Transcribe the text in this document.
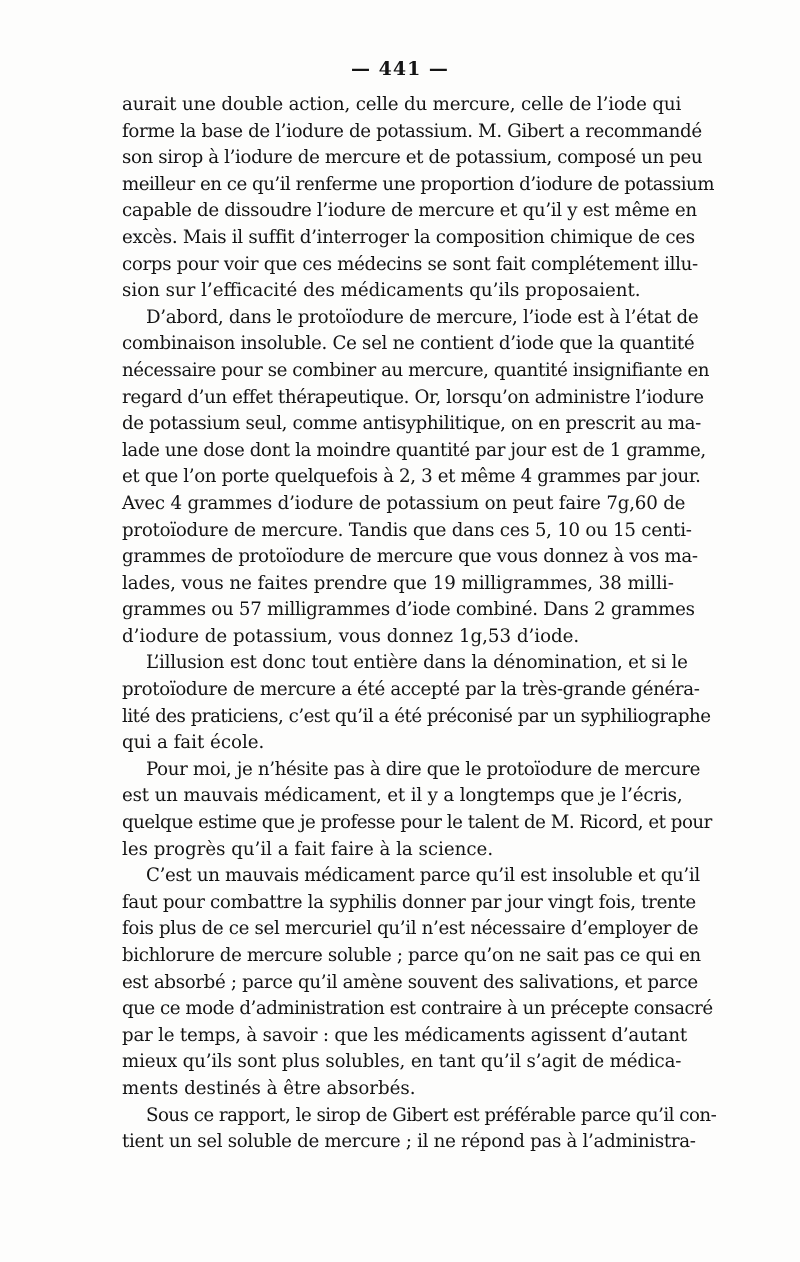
— 441 —
aurait une double action, celle du mercure, celle de l’iode qui
forme la base de l’iodure de potassium. M. Gibert a recommandé
son sirop à l’iodure de mercure et de potassium, composé un peu
meilleur en ce qu’il renferme une proportion d’iodure de potassium
capable de dissoudre l’iodure de mercure et qu’il y est même en
excès. Mais il suffit d’interroger la composition chimique de ces
corps pour voir que ces médecins se sont fait complétement illu-
sion sur l’efficacité des médicaments qu’ils proposaient.
D’abord, dans le protoïodure de mercure, l’iode est à l’état de
combinaison insoluble. Ce sel ne contient d’iode que la quantité
nécessaire pour se combiner au mercure, quantité insignifiante en
regard d’un effet thérapeutique. Or, lorsqu’on administre l’iodure
de potassium seul, comme antisyphilitique, on en prescrit au ma-
lade une dose dont la moindre quantité par jour est de 1 gramme,
et que l’on porte quelquefois à 2, 3 et même 4 grammes par jour.
Avec 4 grammes d’iodure de potassium on peut faire 7g,60 de
protoïodure de mercure. Tandis que dans ces 5, 10 ou 15 centi-
grammes de protoïodure de mercure que vous donnez à vos ma-
lades, vous ne faites prendre que 19 milligrammes, 38 milli-
grammes ou 57 milligrammes d’iode combiné. Dans 2 grammes
d’iodure de potassium, vous donnez 1g,53 d’iode.
L’illusion est donc tout entière dans la dénomination, et si le
protoïodure de mercure a été accepté par la très-grande généra-
lité des praticiens, c’est qu’il a été préconisé par un syphiliographe
qui a fait école.
Pour moi, je n’hésite pas à dire que le protoïodure de mercure
est un mauvais médicament, et il y a longtemps que je l’écris,
quelque estime que je professe pour le talent de M. Ricord, et pour
les progrès qu’il a fait faire à la science.
C’est un mauvais médicament parce qu’il est insoluble et qu’il
faut pour combattre la syphilis donner par jour vingt fois, trente
fois plus de ce sel mercuriel qu’il n’est nécessaire d’employer de
bichlorure de mercure soluble ; parce qu’on ne sait pas ce qui en
est absorbé ; parce qu’il amène souvent des salivations, et parce
que ce mode d’administration est contraire à un précepte consacré
par le temps, à savoir : que les médicaments agissent d’autant
mieux qu’ils sont plus solubles, en tant qu’il s’agit de médica-
ments destinés à être absorbés.
Sous ce rapport, le sirop de Gibert est préférable parce qu’il con-
tient un sel soluble de mercure ; il ne répond pas à l’administra-
